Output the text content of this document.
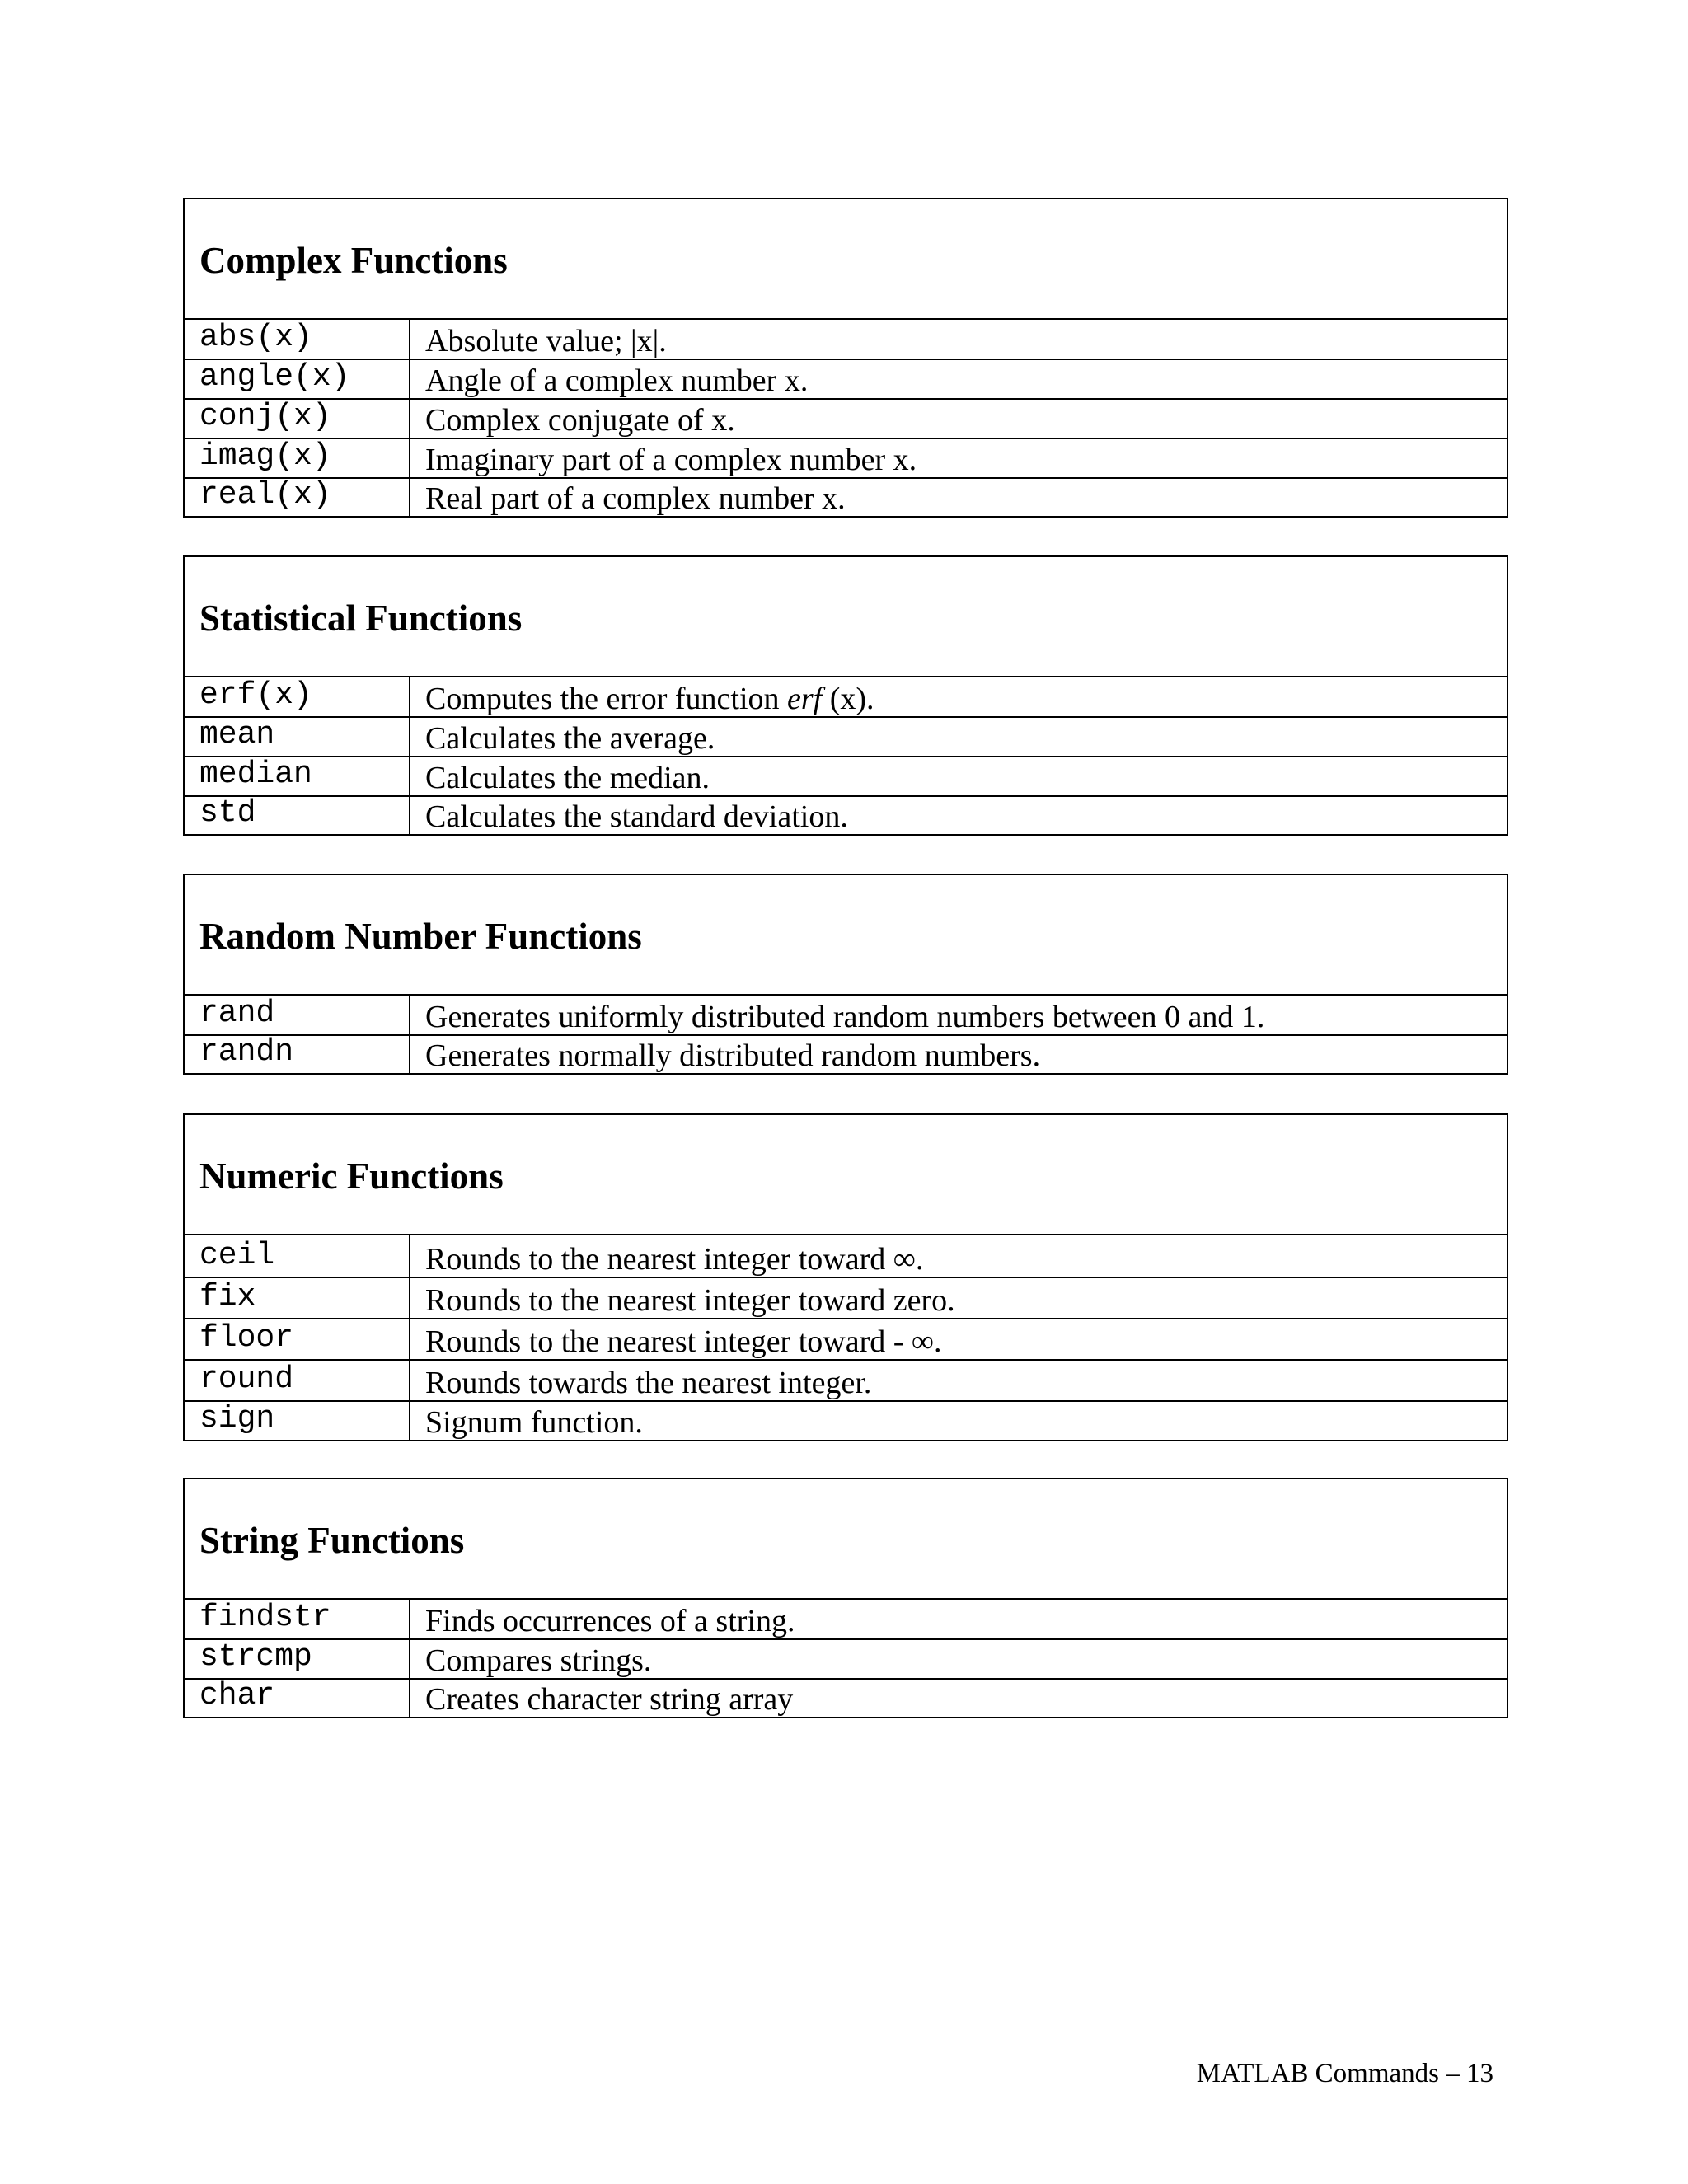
Complex Functions
abs(x)	Absolute value; |x|.
angle(x)	Angle of a complex number x.
conj(x)	Complex conjugate of x.
imag(x)	Imaginary part of a complex number x.
real(x)	Real part of a complex number x.
Statistical Functions
erf(x)	Computes the error function erf (x).
mean	Calculates the average.
median	Calculates the median.
std	Calculates the standard deviation.
Random Number Functions
rand	Generates uniformly distributed random numbers between 0 and 1.
randn	Generates normally distributed random numbers.
Numeric Functions
ceil	Rounds to the nearest integer toward ∞.
fix	Rounds to the nearest integer toward zero.
floor	Rounds to the nearest integer toward - ∞.
round	Rounds towards the nearest integer.
sign	Signum function.
String Functions
findstr	Finds occurrences of a string.
strcmp	Compares strings.
char	Creates character string array
MATLAB Commands – 13
